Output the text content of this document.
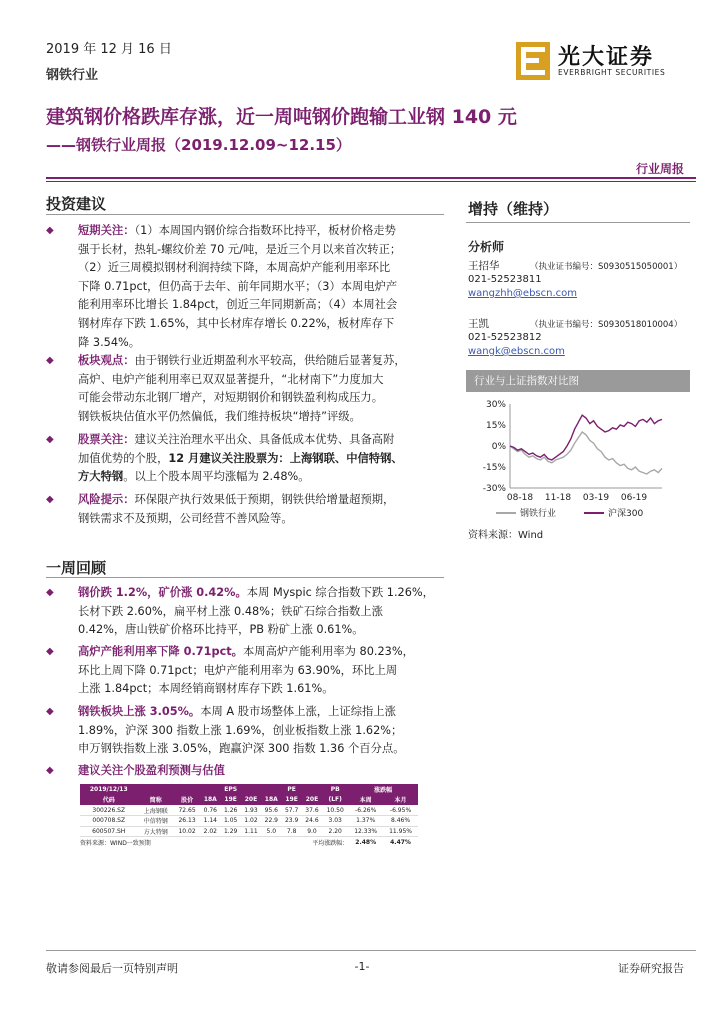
2019 年 12 月 16 日
钢铁行业
光大证券
EVERBRIGHT SECURITIES
建筑钢价格跌库存涨，近一周吨钢价跑输工业钢 140 元
——钢铁行业周报（2019.12.09~12.15）
行业周报
投资建议
◆	短期关注：（1）本周国内钢价综合指数环比持平，板材价格走势
强于长材，热轧-螺纹价差 70 元/吨，是近三个月以来首次转正；
（2）近三周模拟钢材利润持续下降，本周高炉产能利用率环比
下降 0.71pct，但仍高于去年、前年同期水平；（3）本周电炉产
能利用率环比增长 1.84pct，创近三年同期新高；（4）本周社会
钢材库存下跌 1.65%，其中长材库存增长 0.22%，板材库存下
降 3.54%。
◆	板块观点：由于钢铁行业近期盈利水平较高，供给随后显著复苏，
高炉、电炉产能利用率已双双显著提升，“北材南下”力度加大
可能会带动东北钢厂增产，对短期钢价和钢铁盈利构成压力。
钢铁板块估值水平仍然偏低，我们维持板块“增持”评级。
◆	股票关注：建议关注治理水平出众、具备低成本优势、具备高附
加值优势的个股，12 月建议关注股票为：上海钢联、中信特钢、
方大特钢。以上个股本周平均涨幅为 2.48%。
◆	风险提示：环保限产执行效果低于预期，钢铁供给增量超预期，
钢铁需求不及预期，公司经营不善风险等。
一周回顾
◆	钢价跌 1.2%，矿价涨 0.42%。本周 Myspic 综合指数下跌 1.26%，
长材下跌 2.60%，扁平材上涨 0.48%；铁矿石综合指数上涨
0.42%，唐山铁矿价格环比持平，PB 粉矿上涨 0.61%。
◆	高炉产能利用率下降 0.71pct。本周高炉产能利用率为 80.23%，
环比上周下降 0.71pct；电炉产能利用率为 63.90%，环比上周
上涨 1.84pct；本周经销商钢材库存下跌 1.61%。
◆	钢铁板块上涨 3.05%。本周 A 股市场整体上涨，上证综指上涨
1.89%，沪深 300 指数上涨 1.69%，创业板指数上涨 1.62%；
申万钢铁指数上涨 3.05%，跑赢沪深 300 指数 1.36 个百分点。
◆	建议关注个股盈利预测与估值
2019/12/13			EPS			PE			PB	涨跌幅	
代码	简称	股价	18A	19E	20E	18A	19E	20E	(LF)	本周	本月
300226.SZ	上海钢联	72.65	0.76	1.26	1.93	95.6	57.7	37.6	10.50	-6.26%	-6.95%
000708.SZ	中信特钢	26.13	1.14	1.05	1.02	22.9	23.9	24.6	3.03	1.37%	8.46%
600507.SH	方大特钢	10.02	2.02	1.29	1.11	5.0	7.8	9.0	2.20	12.33%	11.95%
资料来源：WIND一致预期					平均涨跌幅：					2.48%	4.47%
增持（维持）
分析师
王招华	（执业证书编号：S0930515050001）
021-52523811
wangzhh@ebscn.com
王凯	（执业证书编号：S0930518010004）
021-52523812
wangk@ebscn.com
行业与上证指数对比图
30%
15%
0%
-15%
-30%
08-18 11-18 03-19 06-19
钢铁行业	沪深300
资料来源：Wind
敬请参阅最后一页特别声明	-1-	证券研究报告
